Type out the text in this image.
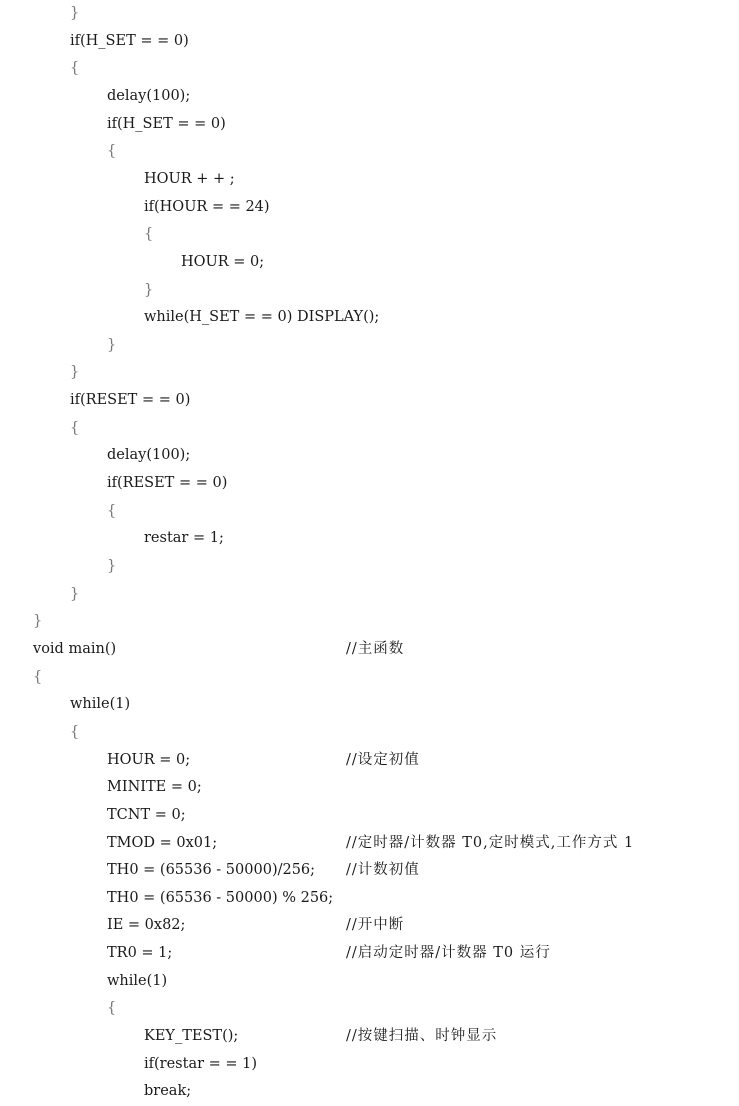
}
if(H_SET = = 0)
{
delay(100);
if(H_SET = = 0)
{
HOUR + + ;
if(HOUR = = 24)
{
HOUR = 0;
}
while(H_SET = = 0) DISPLAY();
}
}
if(RESET = = 0)
{
delay(100);
if(RESET = = 0)
{
restar = 1;
}
}
}
void main()	//主函数
{
while(1)
{
HOUR = 0;	//设定初值
MINITE = 0;
TCNT = 0;
TMOD = 0x01;	//定时器/计数器 T0,定时模式,工作方式 1
TH0 = (65536 - 50000)/256; //计数初值
TH0 = (65536 - 50000) % 256;
IE = 0x82;	//开中断
TR0 = 1;	//启动定时器/计数器 T0 运行
while(1)
{
KEY_TEST();	//按键扫描、时钟显示
if(restar = = 1)
break;
